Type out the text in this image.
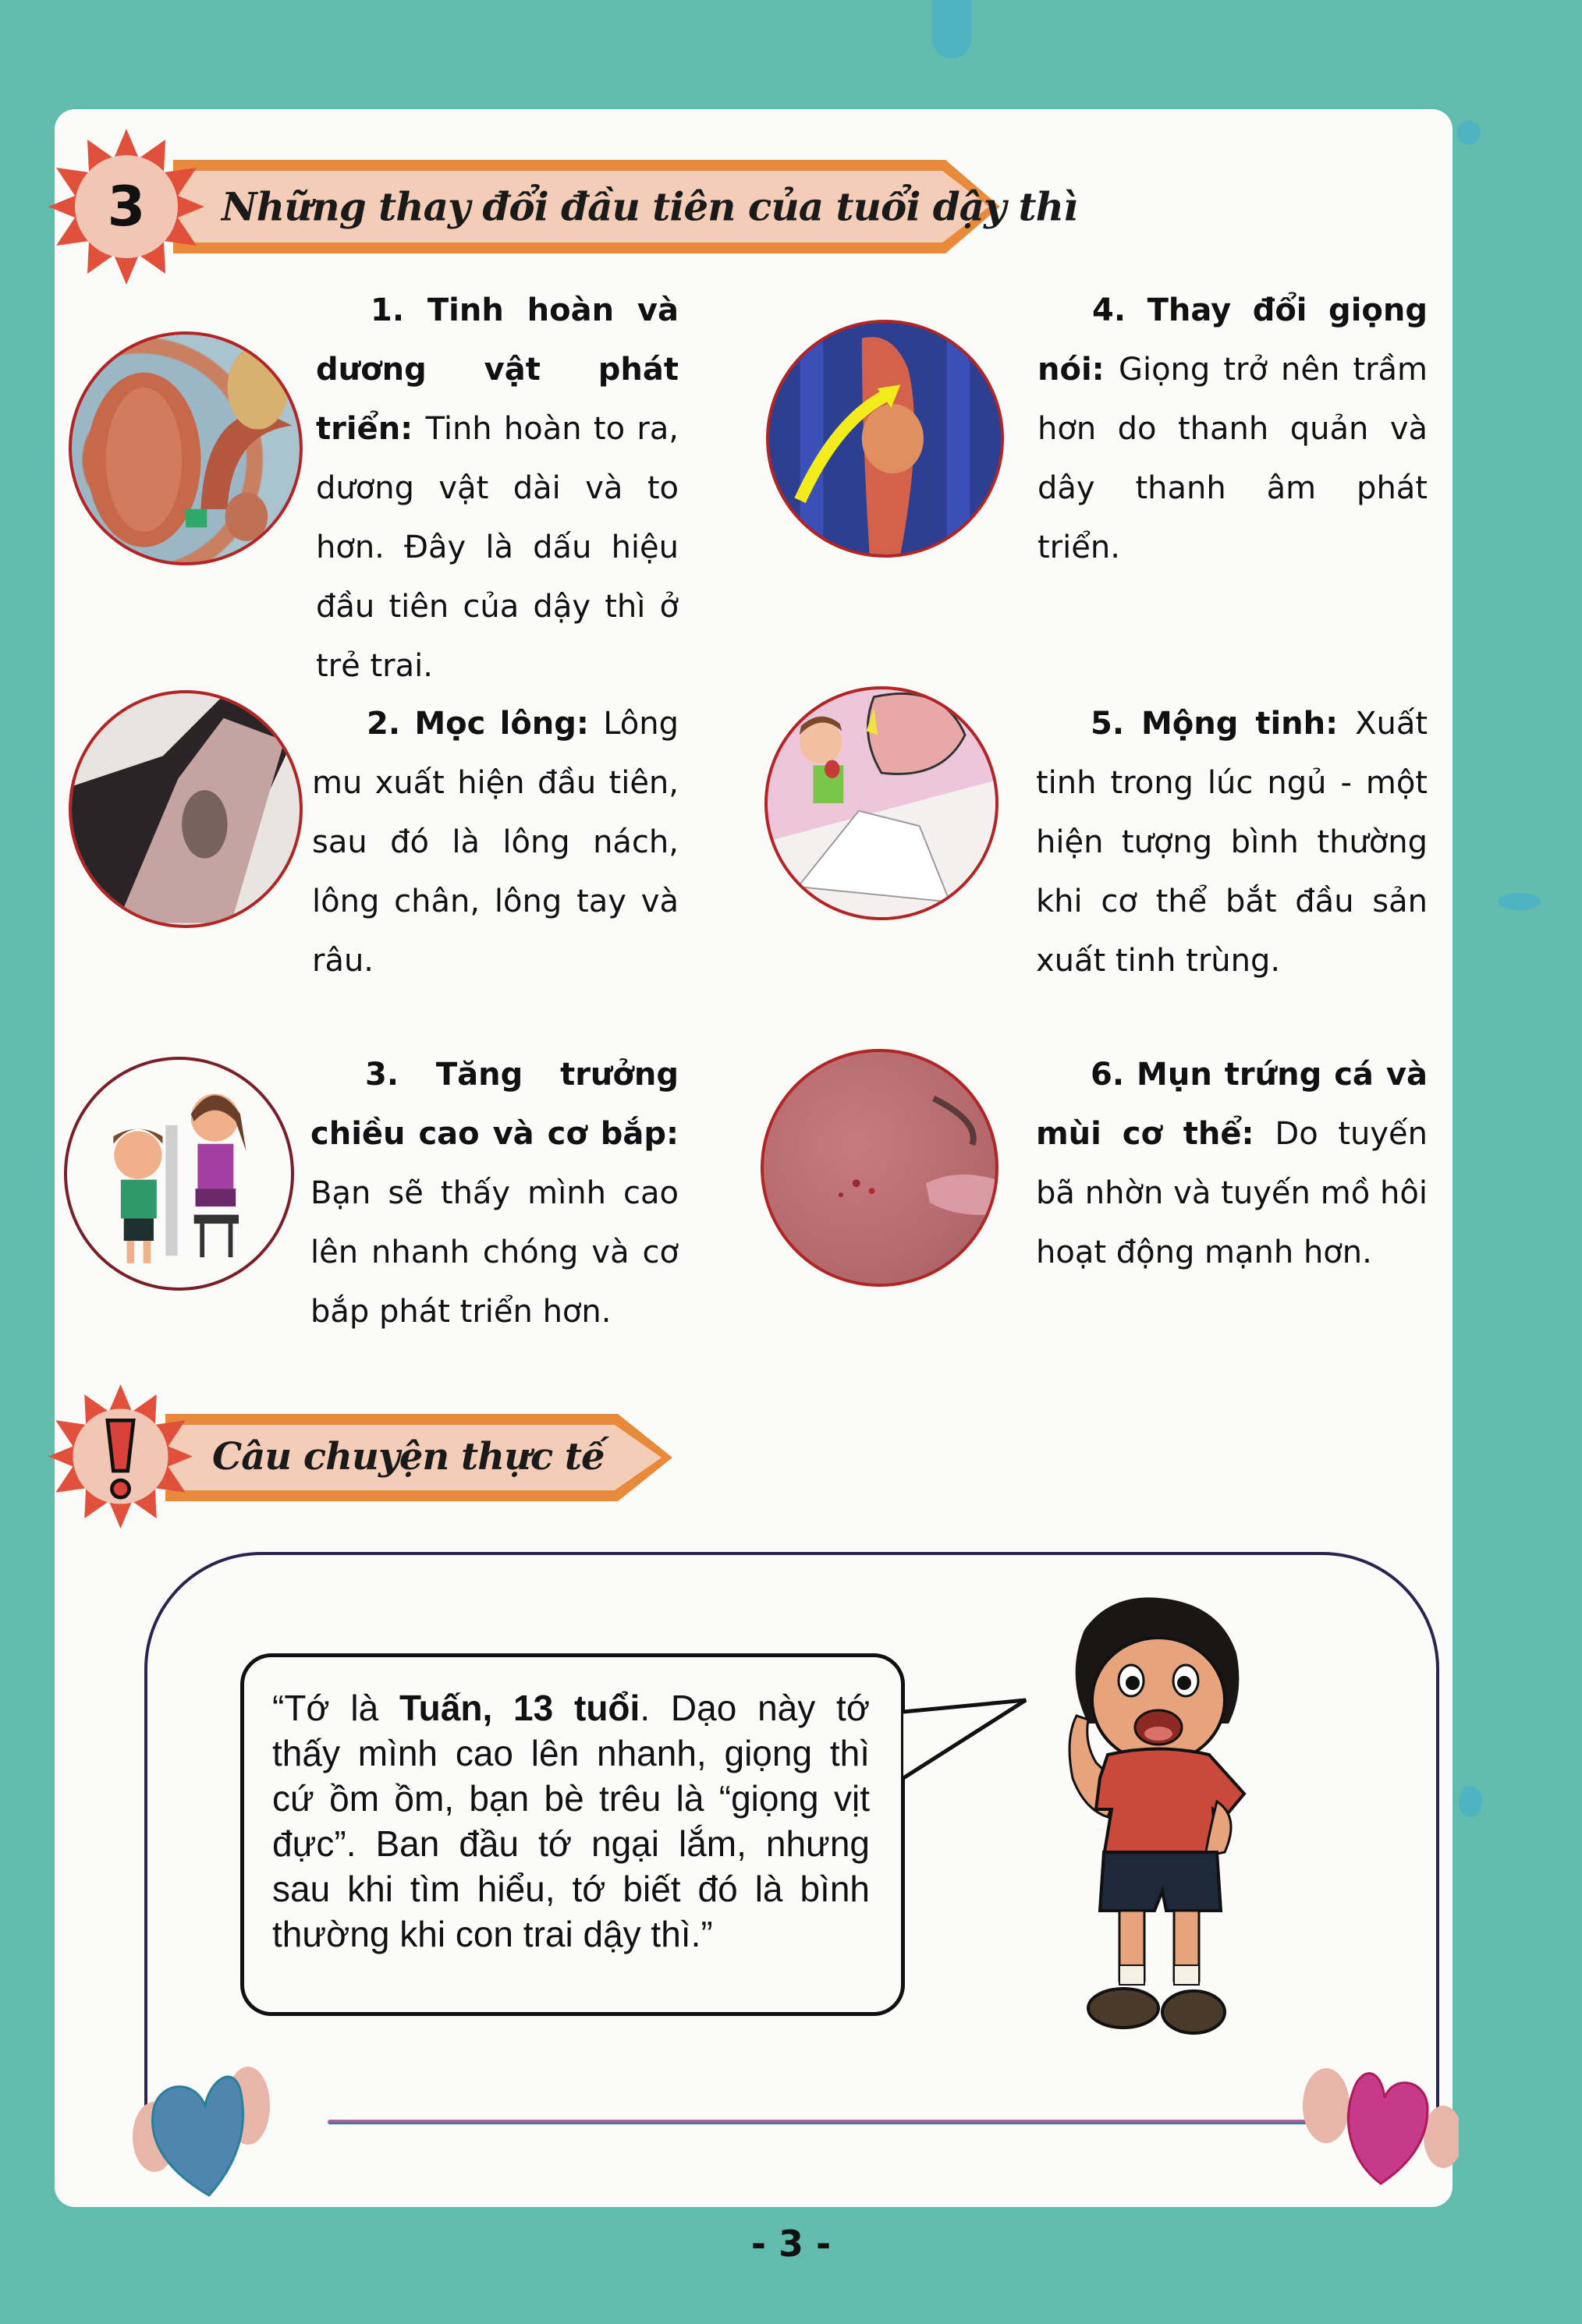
Những thay đổi đầu tiên của tuổi dậy thì
3
1. Tinh hoàn và dương vật phát triển: Tinh hoàn to ra, dương vật dài và to hơn. Đây là dấu hiệu đầu tiên của dậy thì ở trẻ trai.
2. Mọc lông: Lông mu xuất hiện đầu tiên, sau đó là lông nách, lông chân, lông tay và râu.
3. Tăng trưởng chiều cao và cơ bắp: Bạn sẽ thấy mình cao lên nhanh chóng và cơ bắp phát triển hơn.
4. Thay đổi giọng nói: Giọng trở nên trầm hơn do thanh quản và dây thanh âm phát triển.
5. Mộng tinh: Xuất tinh trong lúc ngủ - một hiện tượng bình thường khi cơ thể bắt đầu sản xuất tinh trùng.
6. Mụn trứng cá và mùi cơ thể: Do tuyến bã nhờn và tuyến mồ hôi hoạt động mạnh hơn.
Câu chuyện thực tế
“Tớ là Tuấn, 13 tuổi. Dạo này tớ thấy mình cao lên nhanh, giọng thì cứ ồm ồm, bạn bè trêu là “giọng vịt đực”. Ban đầu tớ ngại lắm, nhưng sau khi tìm hiểu, tớ biết đó là bình thường khi con trai dậy thì.”
- 3 -
